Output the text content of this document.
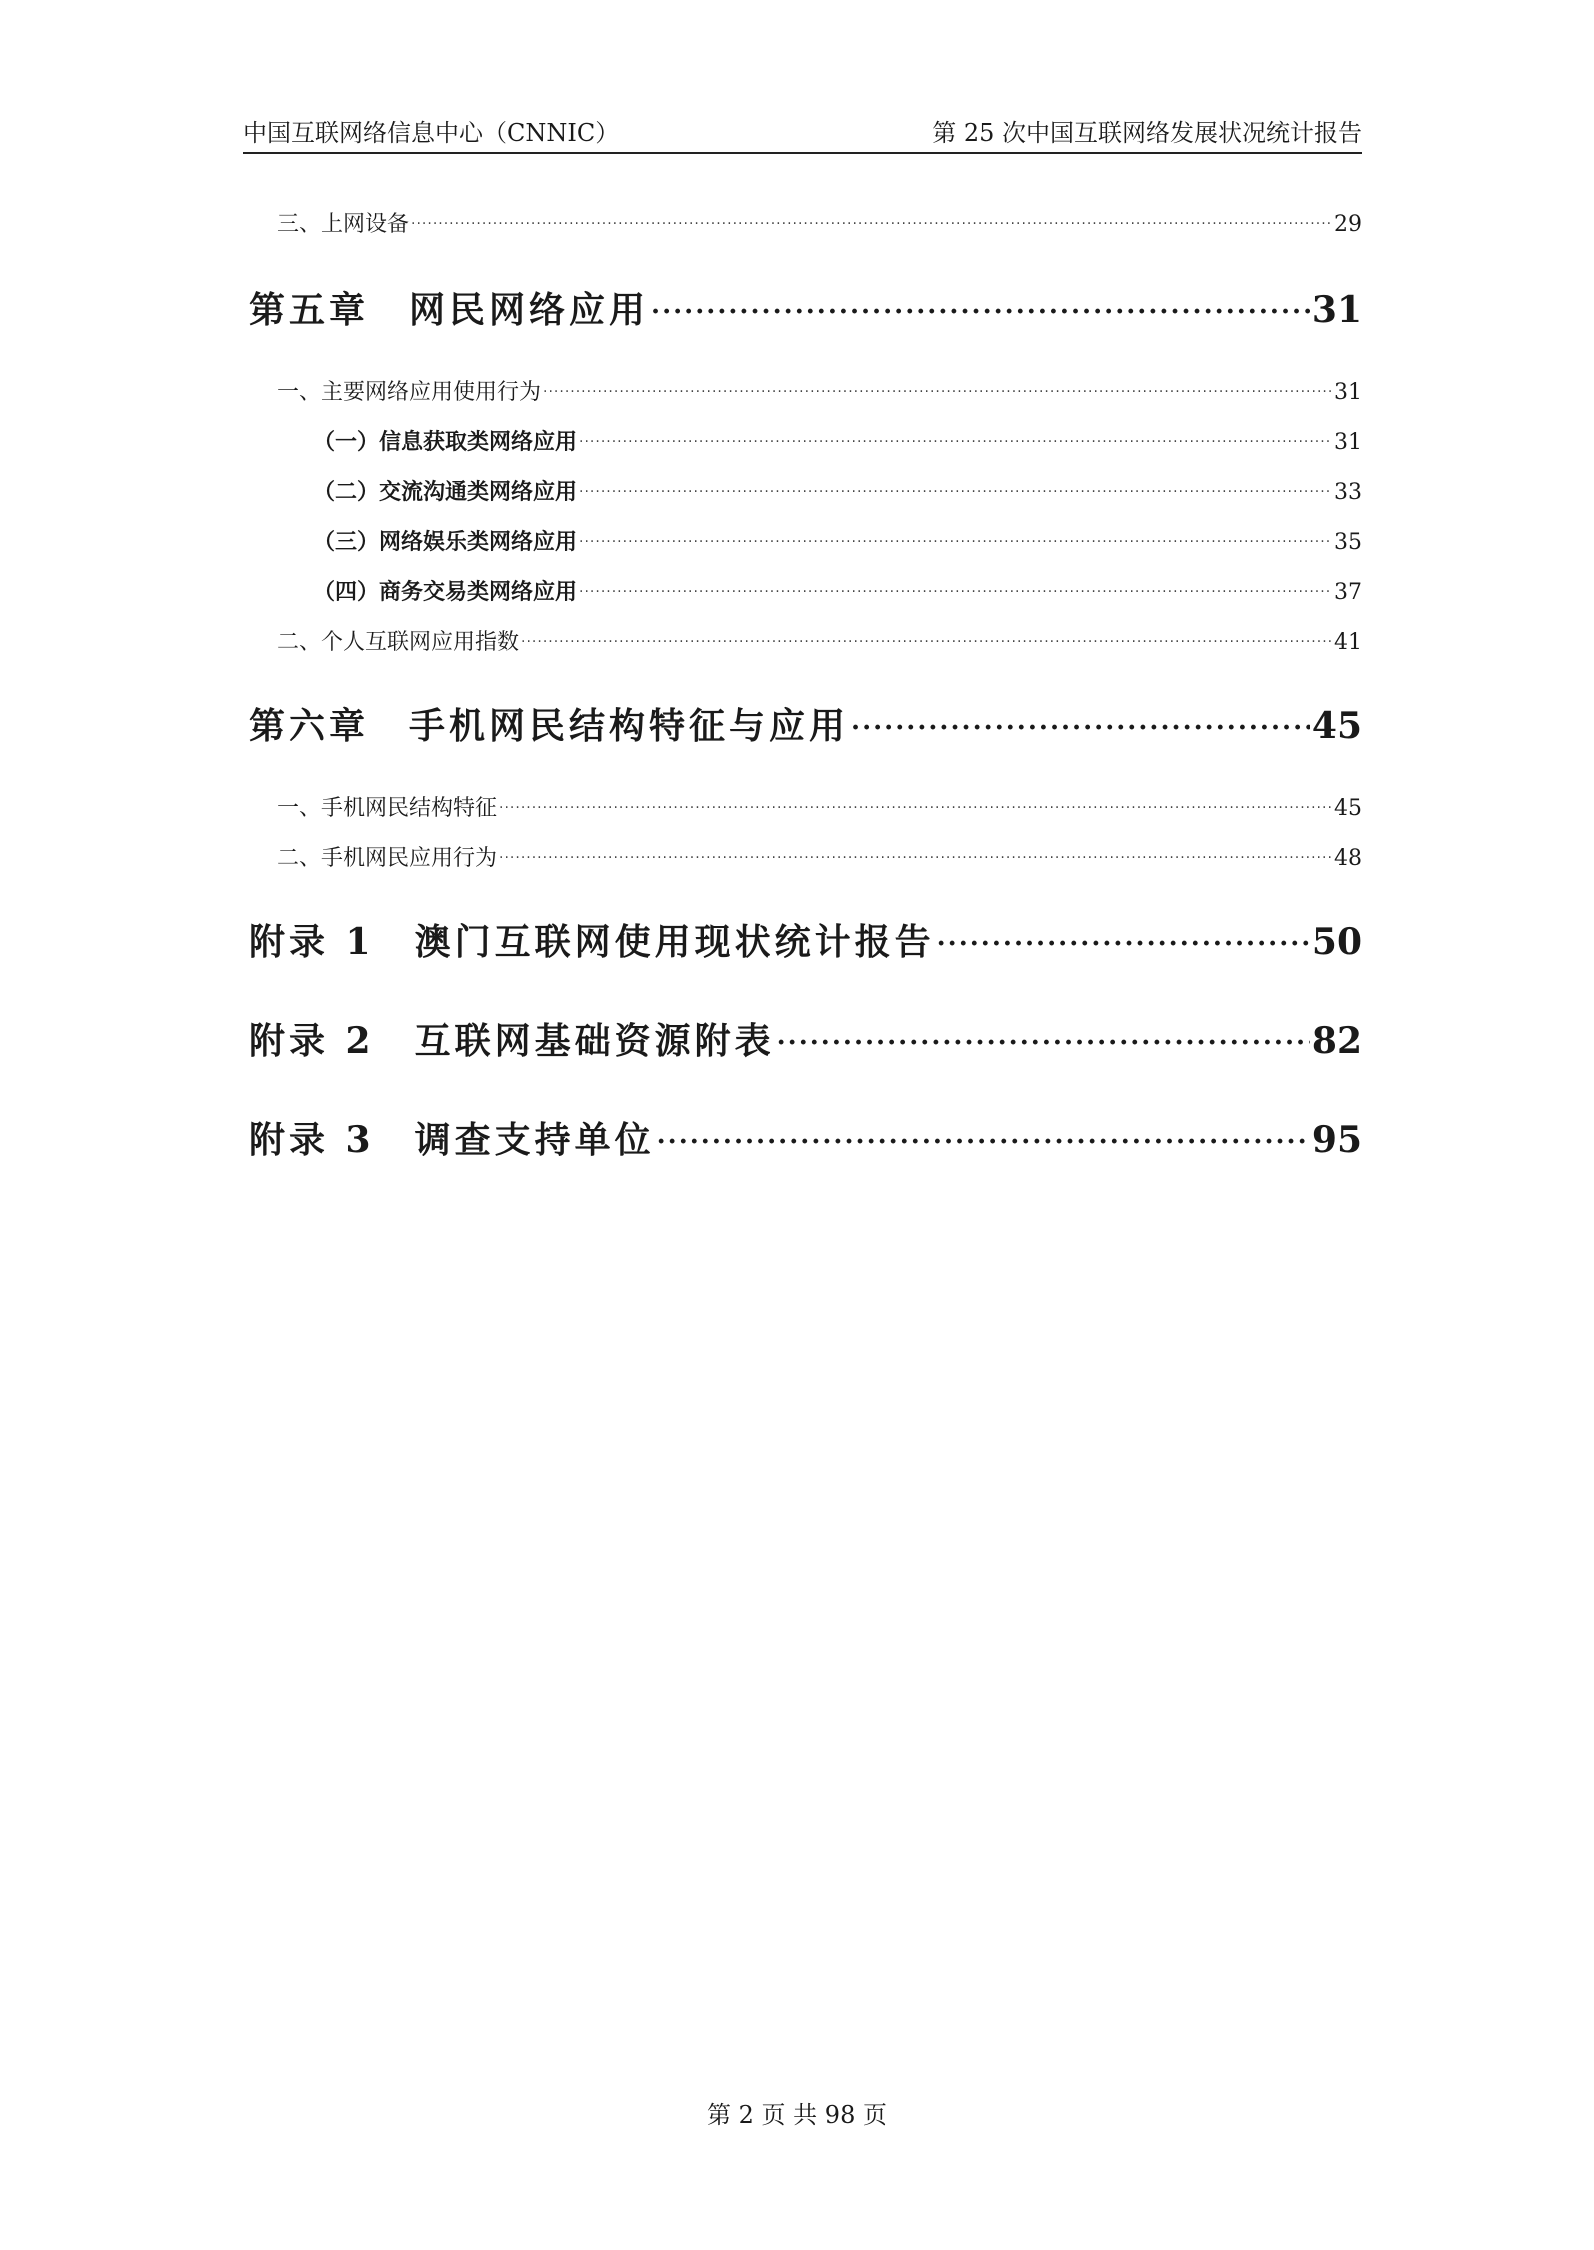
中国互联网络信息中心（CNNIC）	第 25 次中国互联网络发展状况统计报告
三、上网设备 .....	29
第五章　网民网络应用 .....	31
一、主要网络应用使用行为 .....	31
（一）信息获取类网络应用 .....	31
（二）交流沟通类网络应用 .....	33
（三）网络娱乐类网络应用 .....	35
（四）商务交易类网络应用 .....	37
二、个人互联网应用指数 .....	41
第六章　手机网民结构特征与应用 .....	45
一、手机网民结构特征 .....	45
二、手机网民应用行为 .....	48
附录 1　澳门互联网使用现状统计报告 .....	50
附录 2　互联网基础资源附表 .....	82
附录 3　调查支持单位 .....	95
第 2 页 共 98 页
